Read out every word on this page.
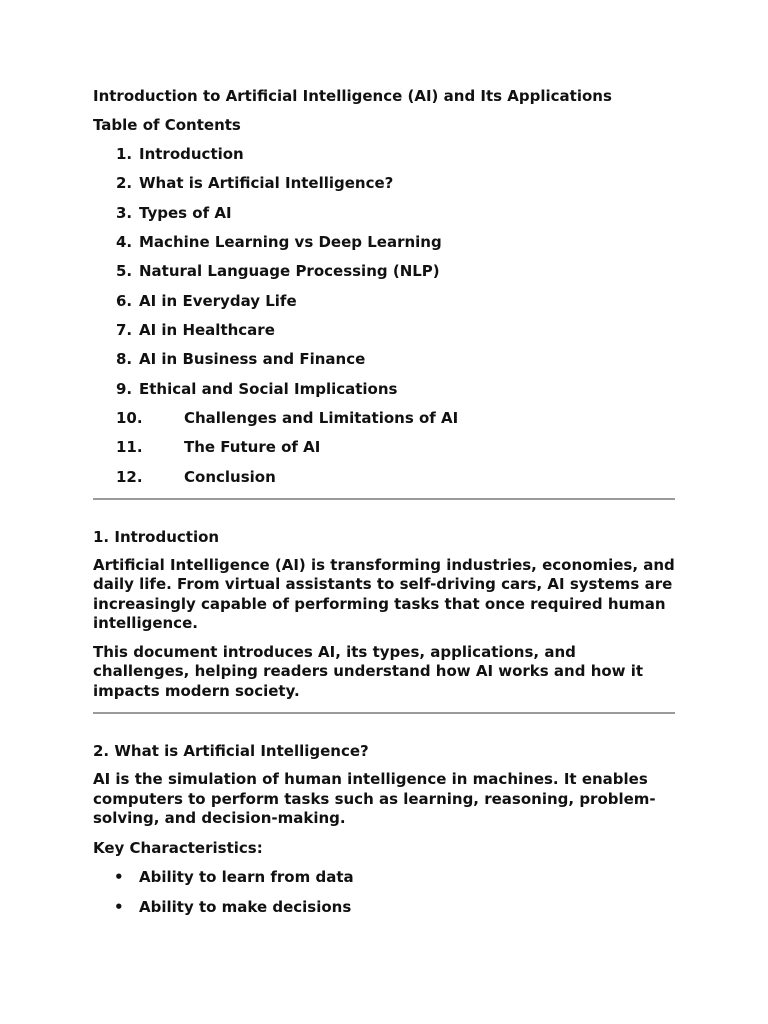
Introduction to Artificial Intelligence (AI) and Its Applications

Table of Contents

1. Introduction
2. What is Artificial Intelligence?
3. Types of AI
4. Machine Learning vs Deep Learning
5. Natural Language Processing (NLP)
6. AI in Everyday Life
7. AI in Healthcare
8. AI in Business and Finance
9. Ethical and Social Implications
10.	Challenges and Limitations of AI
11.	The Future of AI
12.	Conclusion

1. Introduction

Artificial Intelligence (AI) is transforming industries, economies, and daily life. From virtual assistants to self-driving cars, AI systems are increasingly capable of performing tasks that once required human intelligence.

This document introduces AI, its types, applications, and challenges, helping readers understand how AI works and how it impacts modern society.

2. What is Artificial Intelligence?

AI is the simulation of human intelligence in machines. It enables computers to perform tasks such as learning, reasoning, problem-solving, and decision-making.

Key Characteristics:

• Ability to learn from data
• Ability to make decisions
